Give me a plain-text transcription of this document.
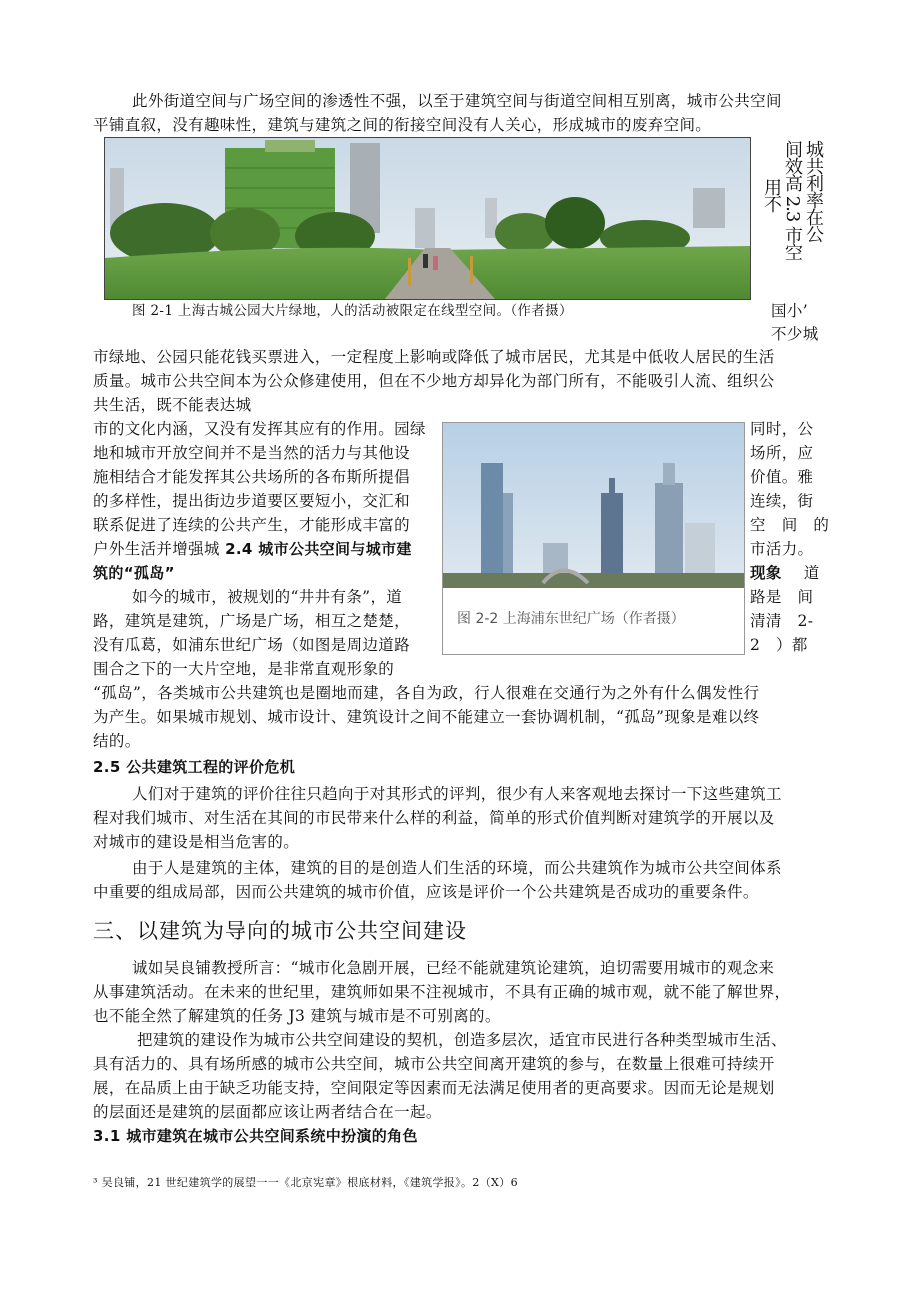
此外街道空间与广场空间的渗透性不强，以至于建筑空间与街道空间相互别离，城市公共空间
平铺直叙，没有趣味性，建筑与建筑之间的衔接空间没有人关心，形成城市的废弃空间。
城共利率在公
间效高 2.3 市空
用不
图 2-1 上海古城公园大片绿地，人的活动被限定在线型空间。（作者摄）	国小’
不少城
市绿地、公园只能花钱买票进入，一定程度上影响或降低了城市居民，尤其是中低收人居民的生活
质量。城市公共空间本为公众修建使用，但在不少地方却异化为部门所有，不能吸引人流、组织公
共生活，既不能表达城
市的文化内涵，又没有发挥其应有的作用。园绿
地和城市开放空间并不是当然的活力与其他设
施相结合才能发挥其公共场所的各布斯所提倡
的多样性，提出街边步道要区要短小，交汇和
联系促进了连续的公共产生，才能形成丰富的
户外生活并增强城 2.4 城市公共空间与城市建
筑的“孤岛”
如今的城市，被规划的“井井有条”，道
路，建筑是建筑，广场是广场，相互之楚楚，
没有瓜葛，如浦东世纪广场（如图是周边道路
围合之下的一大片空地，是非常直观形象的
图 2-2 上海浦东世纪广场（作者摄）
同时，公
场所，应
价值。雅
连续，街
空　间　的
市活力。
现象 道
路是　间
清清　2-
2　）都
“孤岛”，各类城市公共建筑也是圈地而建，各自为政，行人很难在交通行为之外有什么偶发性行
为产生。如果城市规划、城市设计、建筑设计之间不能建立一套协调机制，“孤岛”现象是难以终
结的。
2.5 公共建筑工程的评价危机
人们对于建筑的评价往往只趋向于对其形式的评判，很少有人来客观地去探讨一下这些建筑工
程对我们城市、对生活在其间的市民带来什么样的利益，简单的形式价值判断对建筑学的开展以及
对城市的建设是相当危害的。
由于人是建筑的主体，建筑的目的是创造人们生活的环境，而公共建筑作为城市公共空间体系
中重要的组成局部，因而公共建筑的城市价值，应该是评价一个公共建筑是否成功的重要条件。
三、以建筑为导向的城市公共空间建设
诚如吴良铺教授所言：“城市化急剧开展，已经不能就建筑论建筑，迫切需要用城市的观念来
从事建筑活动。在未来的世纪里，建筑师如果不注视城市，不具有正确的城市观，就不能了解世界，
也不能全然了解建筑的任务 J3 建筑与城市是不可别离的。
把建筑的建设作为城市公共空间建设的契机，创造多层次，适宜市民进行各种类型城市生活、
具有活力的、具有场所感的城市公共空间，城市公共空间离开建筑的参与，在数量上很难可持续开
展，在品质上由于缺乏功能支持，空间限定等因素而无法满足使用者的更高要求。因而无论是规划
的层面还是建筑的层面都应该让两者结合在一起。
3.1 城市建筑在城市公共空间系统中扮演的角色
³ 吴良铺，21 世纪建筑学的展望一一《北京宪章》根底材料，《建筑学报》。2（X）6
